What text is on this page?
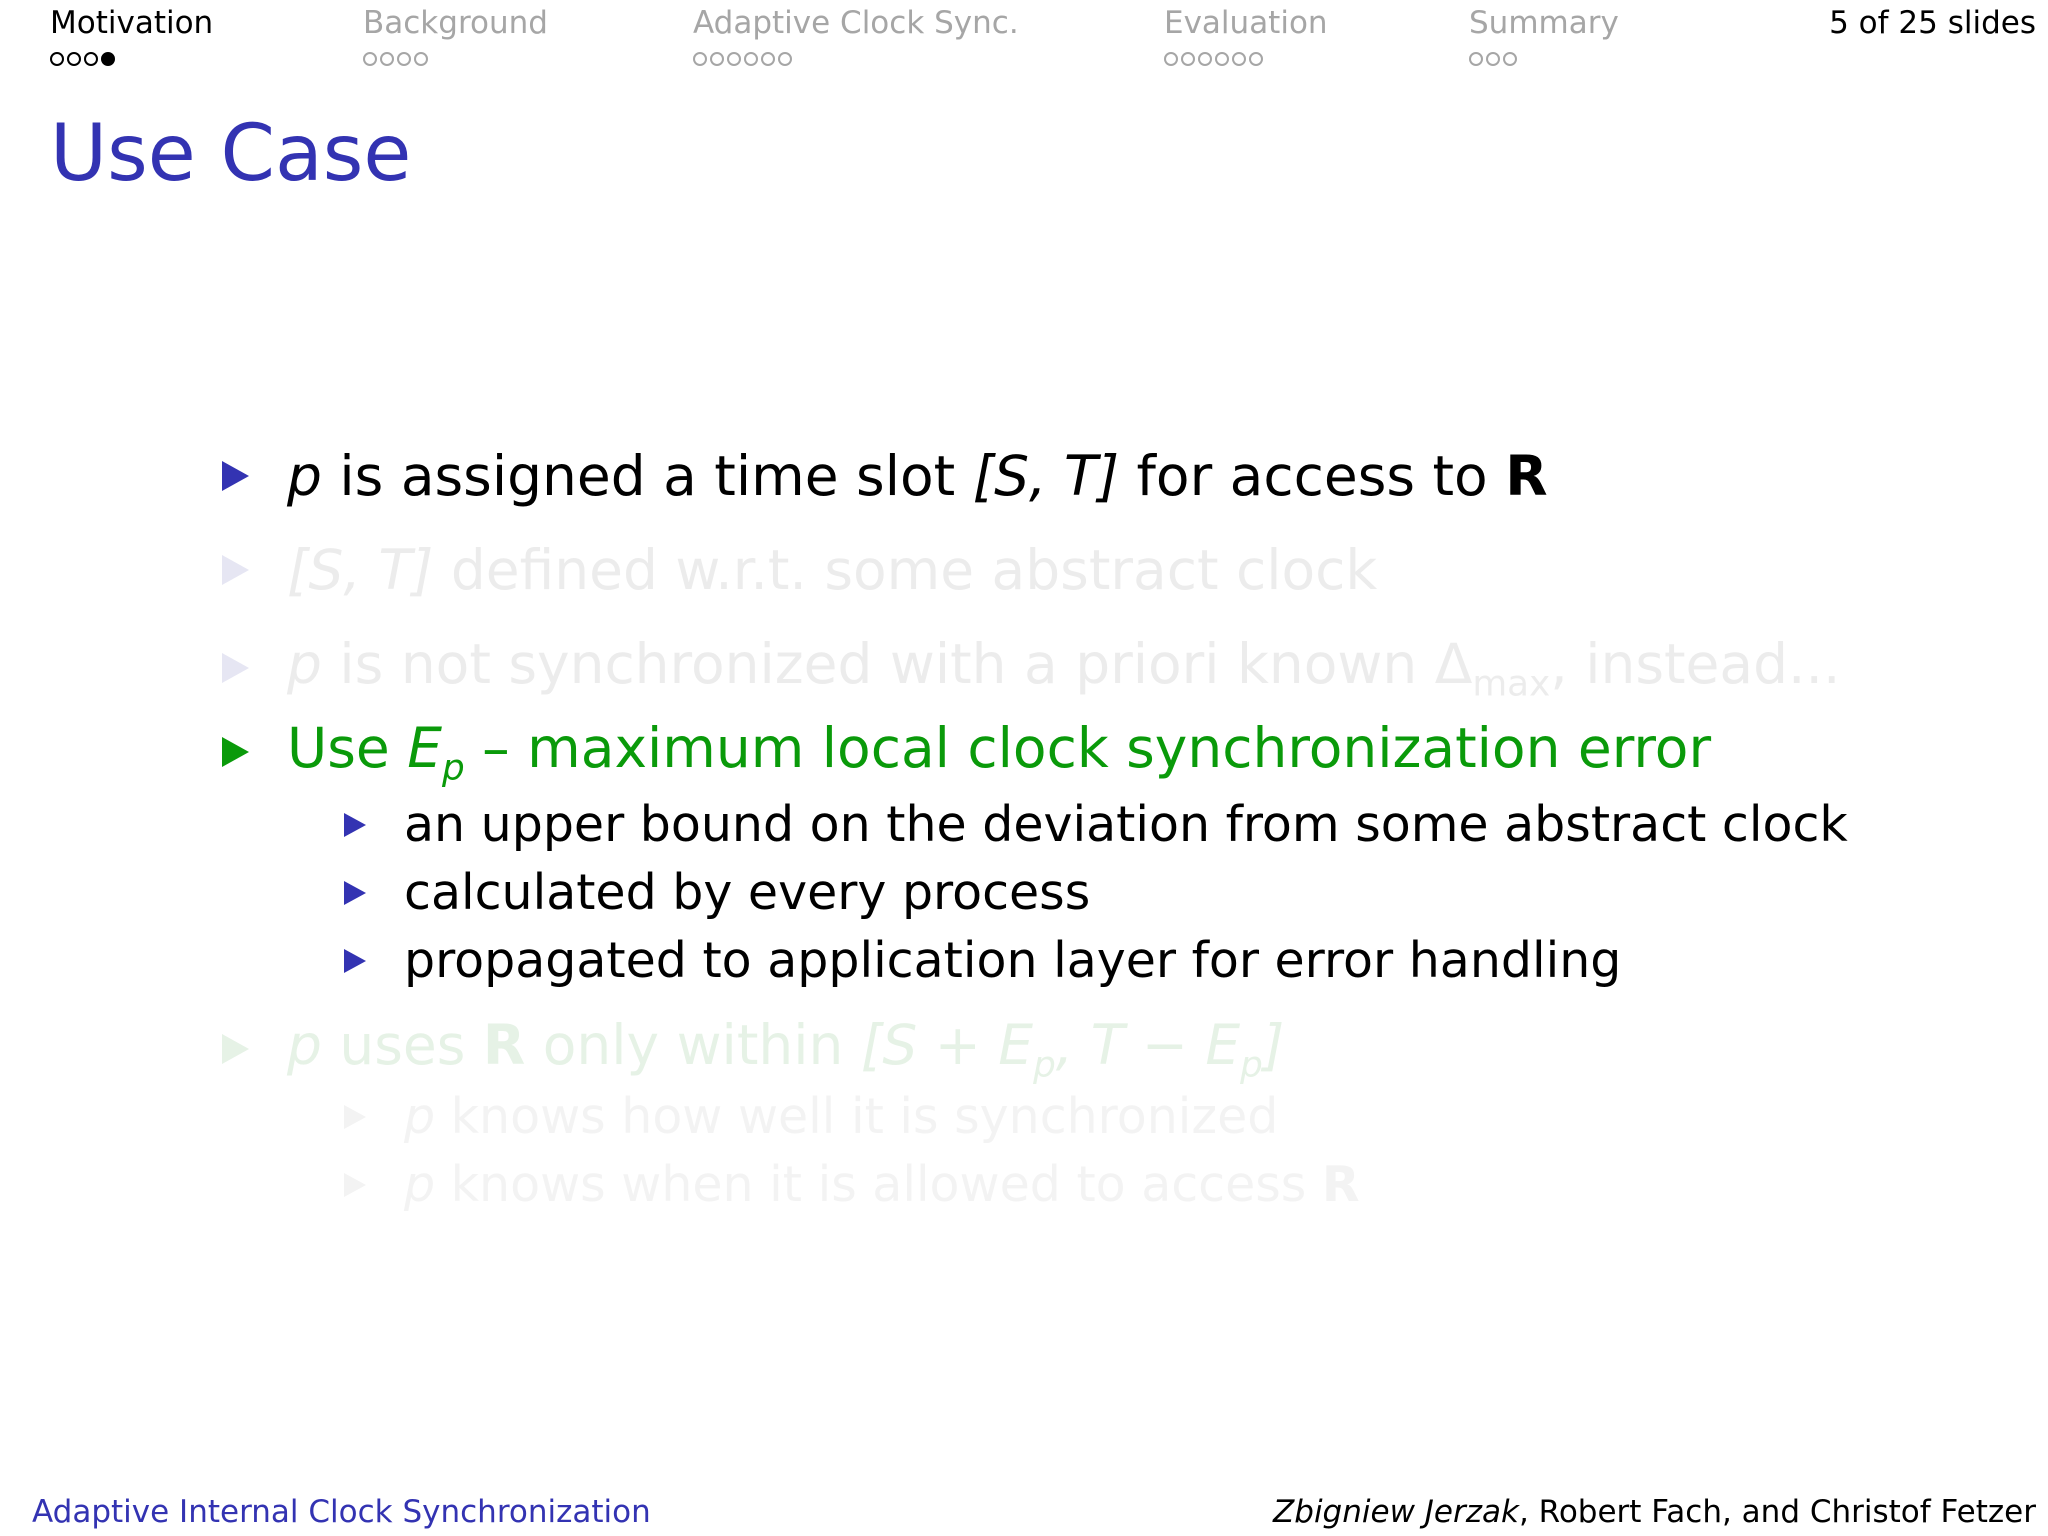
Motivation	Background	Adaptive Clock Sync.	Evaluation	Summary	5 of 25 slides
Use Case
p is assigned a time slot [S, T] for access to R
[S, T] defined w.r.t. some abstract clock
p is not synchronized with a priori known $\Delta_{max}$, instead...
Use $E_p$ – maximum local clock synchronization error
an upper bound on the deviation from some abstract clock
calculated by every process
propagated to application layer for error handling
p uses R only within [$S + E_p$, $T - E_p$]
p knows how well it is synchronized
p knows when it is allowed to access R
Adaptive Internal Clock Synchronization	Zbigniew Jerzak, Robert Fach, and Christof Fetzer
